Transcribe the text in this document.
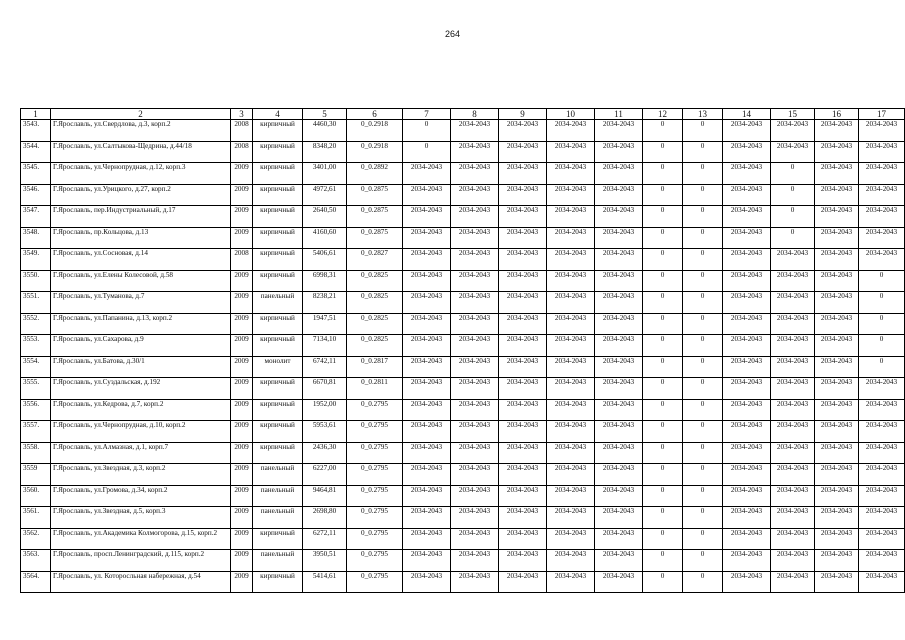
264
1	2	3	4	5	6	7	8	9	10	11	12	13	14	15	16	17
3543.	Г.Ярославль, ул.Свердлова, д.3, корп.2	2008	кирпичный	4460,30	0_0.2918	0	2034-2043	2034-2043	2034-2043	2034-2043	0	0	2034-2043	2034-2043	2034-2043	2034-2043
3544.	Г.Ярославль, ул.Салтыкова-Щедрина, д.44/18	2008	кирпичный	8348,20	0_0.2918	0	2034-2043	2034-2043	2034-2043	2034-2043	0	0	2034-2043	2034-2043	2034-2043	2034-2043
3545.	Г.Ярославль, ул.Чернопрудная, д.12, корп.3	2009	кирпичный	3401,00	0_0.2892	2034-2043	2034-2043	2034-2043	2034-2043	2034-2043	0	0	2034-2043	0	2034-2043	2034-2043
3546.	Г.Ярославль, ул.Урицкого, д.27, корп.2	2009	кирпичный	4972,61	0_0.2875	2034-2043	2034-2043	2034-2043	2034-2043	2034-2043	0	0	2034-2043	0	2034-2043	2034-2043
3547.	Г.Ярославль, пер.Индустриальный, д.17	2009	кирпичный	2640,50	0_0.2875	2034-2043	2034-2043	2034-2043	2034-2043	2034-2043	0	0	2034-2043	0	2034-2043	2034-2043
3548.	Г.Ярославль, пр.Кольцова, д.13	2009	кирпичный	4160,60	0_0.2875	2034-2043	2034-2043	2034-2043	2034-2043	2034-2043	0	0	2034-2043	0	2034-2043	2034-2043
3549.	Г.Ярославль, ул.Сосновая, д.14	2008	кирпичный	5406,61	0_0.2827	2034-2043	2034-2043	2034-2043	2034-2043	2034-2043	0	0	2034-2043	2034-2043	2034-2043	2034-2043
3550.	Г.Ярославль, ул.Елены Колесовой, д.58	2009	кирпичный	6998,31	0_0.2825	2034-2043	2034-2043	2034-2043	2034-2043	2034-2043	0	0	2034-2043	2034-2043	2034-2043	0
3551.	Г.Ярославль, ул.Туманова, д.7	2009	панельный	8238,21	0_0.2825	2034-2043	2034-2043	2034-2043	2034-2043	2034-2043	0	0	2034-2043	2034-2043	2034-2043	0
3552.	Г.Ярославль, ул.Папанина, д.13, корп.2	2009	кирпичный	1947,51	0_0.2825	2034-2043	2034-2043	2034-2043	2034-2043	2034-2043	0	0	2034-2043	2034-2043	2034-2043	0
3553.	Г.Ярославль, ул.Сахарова, д.9	2009	кирпичный	7134,10	0_0.2825	2034-2043	2034-2043	2034-2043	2034-2043	2034-2043	0	0	2034-2043	2034-2043	2034-2043	0
3554.	Г.Ярославль, ул.Батова, д.30/1	2009	монолит	6742,11	0_0.2817	2034-2043	2034-2043	2034-2043	2034-2043	2034-2043	0	0	2034-2043	2034-2043	2034-2043	0
3555.	Г.Ярославль, ул.Суздальская, д.192	2009	кирпичный	6670,81	0_0.2811	2034-2043	2034-2043	2034-2043	2034-2043	2034-2043	0	0	2034-2043	2034-2043	2034-2043	2034-2043
3556.	Г.Ярославль, ул.Кедрова, д.7, корп.2	2009	кирпичный	1952,00	0_0.2795	2034-2043	2034-2043	2034-2043	2034-2043	2034-2043	0	0	2034-2043	2034-2043	2034-2043	2034-2043
3557.	Г.Ярославль, ул.Чернопрудная, д.10, корп.2	2009	кирпичный	5953,61	0_0.2795	2034-2043	2034-2043	2034-2043	2034-2043	2034-2043	0	0	2034-2043	2034-2043	2034-2043	2034-2043
3558.	Г.Ярославль, ул.Алмазная, д.1, корп.7	2009	кирпичный	2436,30	0_0.2795	2034-2043	2034-2043	2034-2043	2034-2043	2034-2043	0	0	2034-2043	2034-2043	2034-2043	2034-2043
3559	Г.Ярославль, ул.Звездная, д.3, корп.2	2009	панельный	6227,00	0_0.2795	2034-2043	2034-2043	2034-2043	2034-2043	2034-2043	0	0	2034-2043	2034-2043	2034-2043	2034-2043
3560.	Г.Ярославль, ул.Громова, д.34, корп.2	2009	панельный	9464,81	0_0.2795	2034-2043	2034-2043	2034-2043	2034-2043	2034-2043	0	0	2034-2043	2034-2043	2034-2043	2034-2043
3561.	Г.Ярославль, ул.Звездная, д.5, корп.3	2009	панельный	2698,80	0_0.2795	2034-2043	2034-2043	2034-2043	2034-2043	2034-2043	0	0	2034-2043	2034-2043	2034-2043	2034-2043
3562.	Г.Ярославль, ул.Академика Колмогорова, д.15, корп.2	2009	кирпичный	6272,11	0_0.2795	2034-2043	2034-2043	2034-2043	2034-2043	2034-2043	0	0	2034-2043	2034-2043	2034-2043	2034-2043
3563.	Г.Ярославль, просп.Ленинградский, д.115, корп.2	2009	панельный	3950,51	0_0.2795	2034-2043	2034-2043	2034-2043	2034-2043	2034-2043	0	0	2034-2043	2034-2043	2034-2043	2034-2043
3564.	Г.Ярославль, ул. Которосльная набережная, д.54	2009	кирпичный	5414,61	0_0.2795	2034-2043	2034-2043	2034-2043	2034-2043	2034-2043	0	0	2034-2043	2034-2043	2034-2043	2034-2043
